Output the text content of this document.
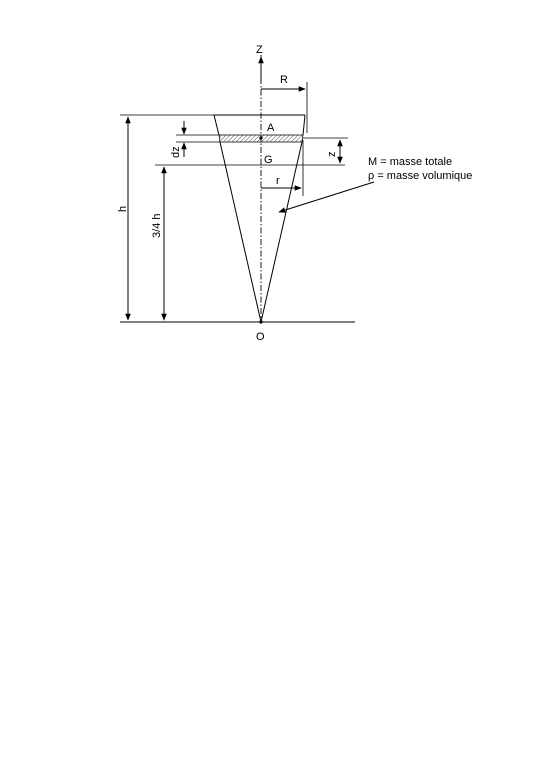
Z
O
h
3/4 h
A
G
dz	z
R
r
M = masse totale
ρ = masse volumique
